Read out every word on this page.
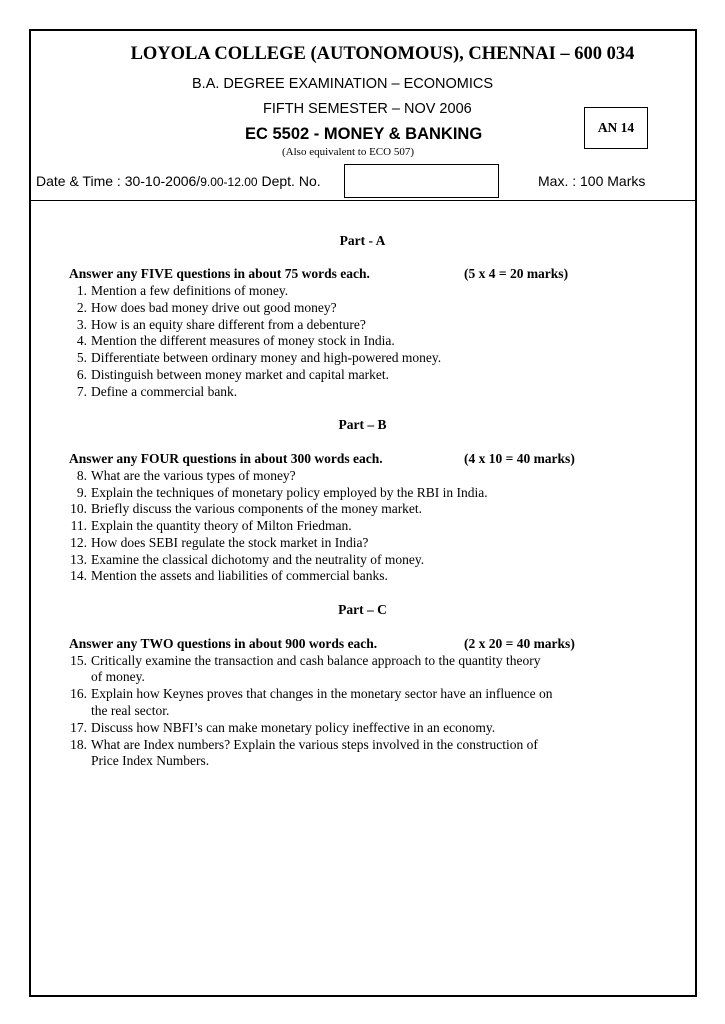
LOYOLA COLLEGE (AUTONOMOUS), CHENNAI – 600 034
B.A. DEGREE EXAMINATION – ECONOMICS
FIFTH SEMESTER – NOV 2006
EC 5502 - MONEY & BANKING
(Also equivalent to ECO 507)
AN 14
Date & Time : 30-10-2006/9.00-12.00 Dept. No.	Max. : 100 Marks
Part - A
Answer any FIVE questions in about 75 words each.	(5 x 4 = 20 marks)
1. Mention a few definitions of money.
2. How does bad money drive out good money?
3. How is an equity share different from a debenture?
4. Mention the different measures of money stock in India.
5. Differentiate between ordinary money and high-powered money.
6. Distinguish between money market and capital market.
7. Define a commercial bank.
Part – B
Answer any FOUR questions in about 300 words each.	(4 x 10 = 40 marks)
8. What are the various types of money?
9. Explain the techniques of monetary policy employed by the RBI in India.
10. Briefly discuss the various components of the money market.
11. Explain the quantity theory of Milton Friedman.
12. How does SEBI regulate the stock market in India?
13. Examine the classical dichotomy and the neutrality of money.
14. Mention the assets and liabilities of commercial banks.
Part – C
Answer any TWO questions in about 900 words each.	(2 x 20 = 40 marks)
15. Critically examine the transaction and cash balance approach to the quantity theory
of money.
16. Explain how Keynes proves that changes in the monetary sector have an influence on
the real sector.
17. Discuss how NBFI’s can make monetary policy ineffective in an economy.
18. What are Index numbers? Explain the various steps involved in the construction of
Price Index Numbers.
